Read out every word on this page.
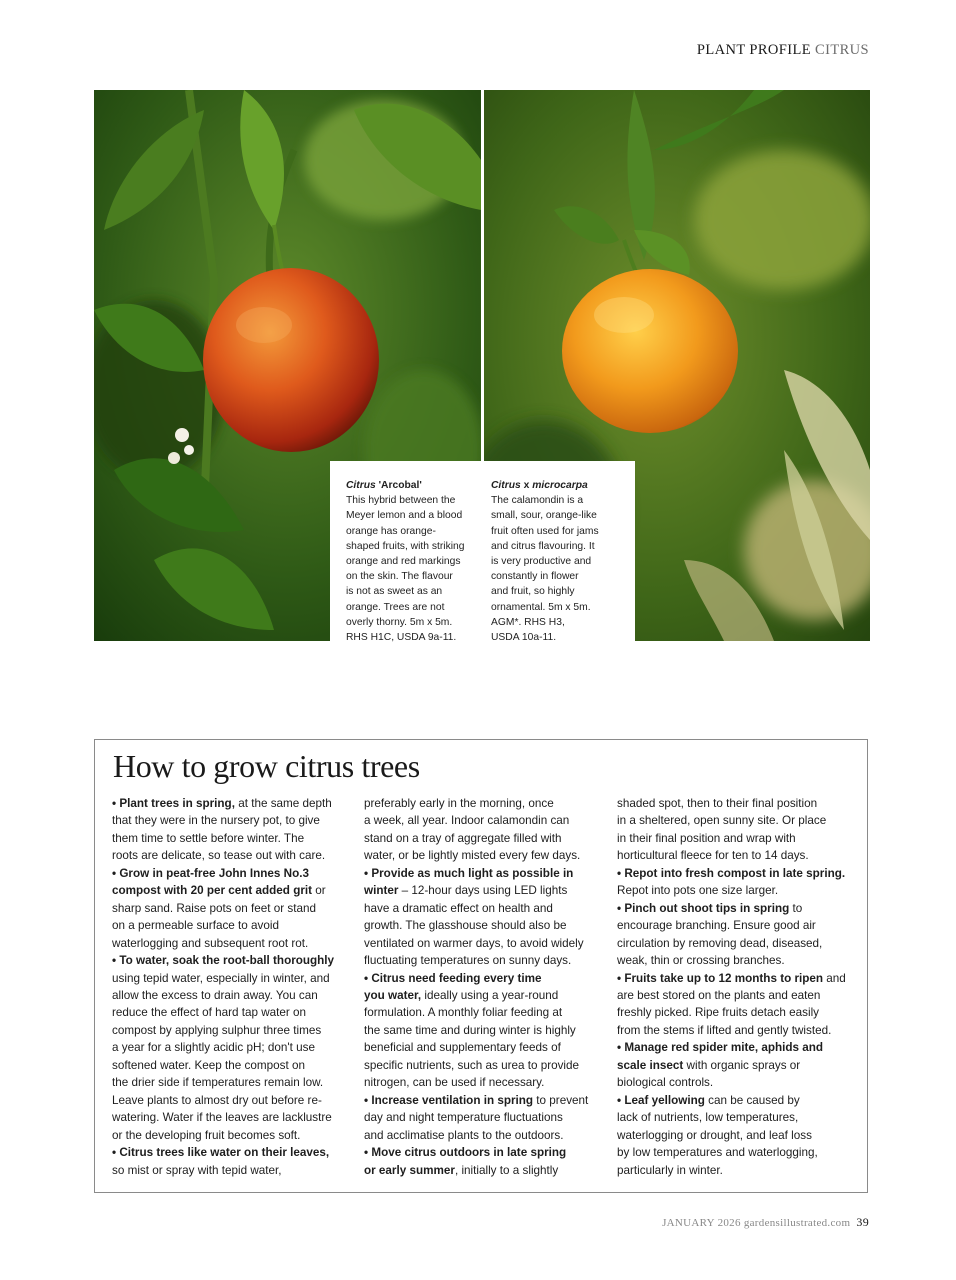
PLANT PROFILE CITRUS
Citrus 'Arcobal'
This hybrid between the
Meyer lemon and a blood
orange has orange-
shaped fruits, with striking
orange and red markings
on the skin. The flavour
is not as sweet as an
orange. Trees are not
overly thorny. 5m x 5m.
RHS H1C, USDA 9a-11.
Citrus x microcarpa
The calamondin is a
small, sour, orange-like
fruit often used for jams
and citrus flavouring. It
is very productive and
constantly in flower
and fruit, so highly
ornamental. 5m x 5m.
AGM*. RHS H3,
USDA 10a-11.
How to grow citrus trees

• Plant trees in spring, at the same depth

that they were in the nursery pot, to give

them time to settle before winter. The

roots are delicate, so tease out with care.

• Grow in peat-free John Innes No.3

compost with 20 per cent added grit or

sharp sand. Raise pots on feet or stand

on a permeable surface to avoid

waterlogging and subsequent root rot.

• To water, soak the root-ball thoroughly

using tepid water, especially in winter, and

allow the excess to drain away. You can

reduce the effect of hard tap water on

compost by applying sulphur three times

a year for a slightly acidic pH; don't use

softened water. Keep the compost on

the drier side if temperatures remain low.

Leave plants to almost dry out before re-

watering. Water if the leaves are lacklustre

or the developing fruit becomes soft.

• Citrus trees like water on their leaves,

so mist or spray with tepid water,

preferably early in the morning, once

a week, all year. Indoor calamondin can

stand on a tray of aggregate filled with

water, or be lightly misted every few days.

• Provide as much light as possible in

winter – 12-hour days using LED lights

have a dramatic effect on health and

growth. The glasshouse should also be

ventilated on warmer days, to avoid widely

fluctuating temperatures on sunny days.

• Citrus need feeding every time

you water, ideally using a year-round

formulation. A monthly foliar feeding at

the same time and during winter is highly

beneficial and supplementary feeds of

specific nutrients, such as urea to provide

nitrogen, can be used if necessary.

• Increase ventilation in spring to prevent

day and night temperature fluctuations

and acclimatise plants to the outdoors.

• Move citrus outdoors in late spring

or early summer, initially to a slightly

shaded spot, then to their final position

in a sheltered, open sunny site. Or place

in their final position and wrap with

horticultural fleece for ten to 14 days.

• Repot into fresh compost in late spring.

Repot into pots one size larger.

• Pinch out shoot tips in spring to

encourage branching. Ensure good air

circulation by removing dead, diseased,

weak, thin or crossing branches.

• Fruits take up to 12 months to ripen and

are best stored on the plants and eaten

freshly picked. Ripe fruits detach easily

from the stems if lifted and gently twisted.

• Manage red spider mite, aphids and

scale insect with organic sprays or

biological controls.

• Leaf yellowing can be caused by

lack of nutrients, low temperatures,

waterlogging or drought, and leaf loss

by low temperatures and waterlogging,

particularly in winter.

JANUARY 2026 gardensillustrated.com 39
